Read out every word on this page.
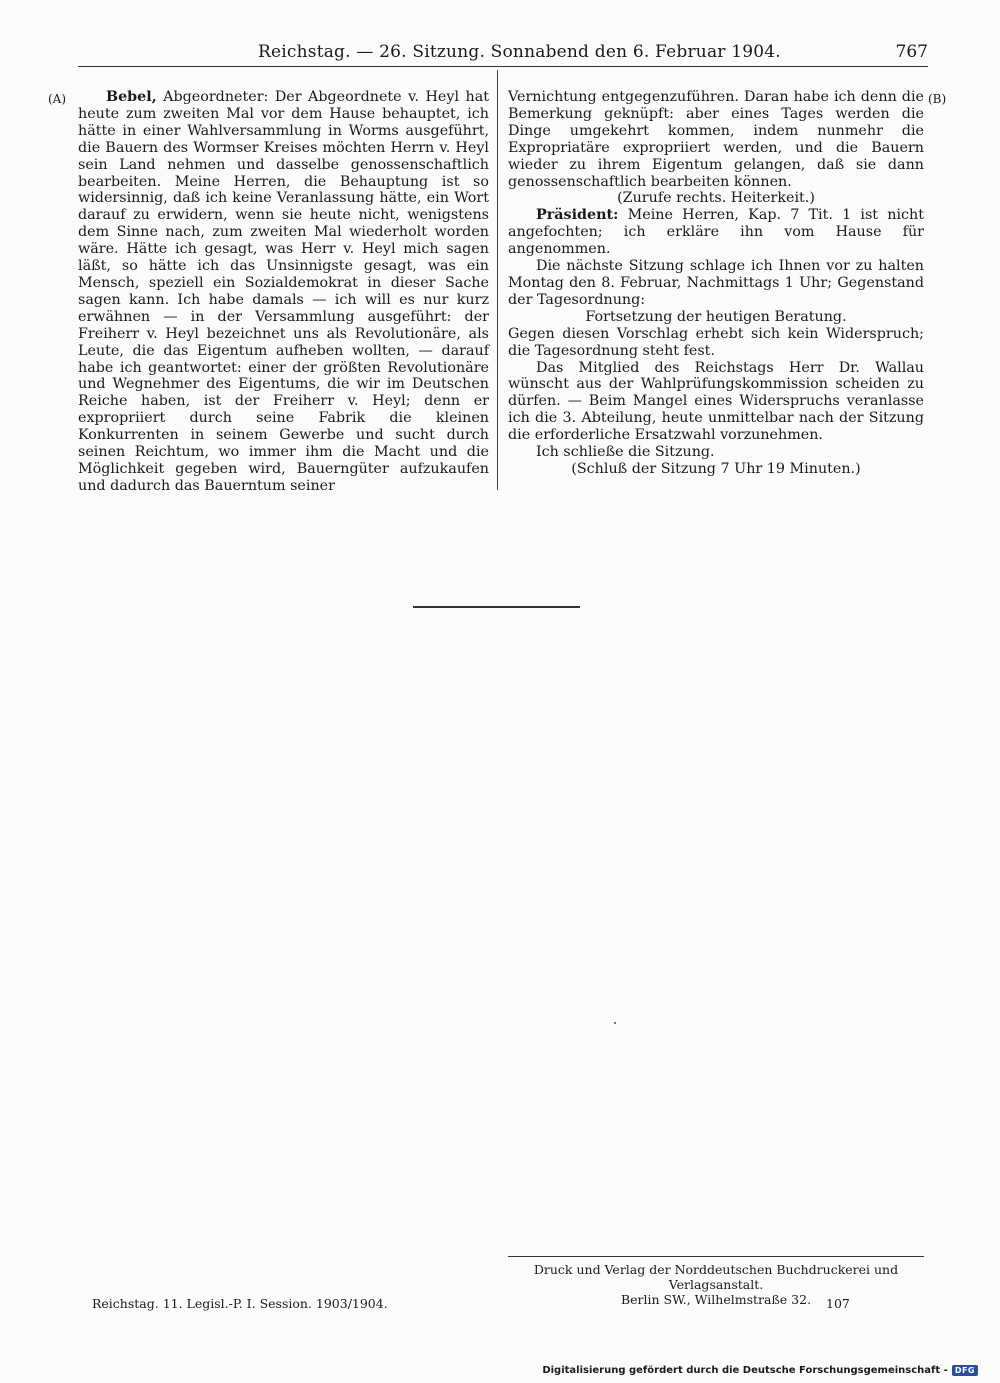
Reichstag. — 26. Sitzung. Sonnabend den 6. Februar 1904.	767
(A)	(B)

Bebel, Abgeordneter: Der Abgeordnete v. Heyl hat heute zum zweiten Mal vor dem Hause behauptet, ich hätte in einer Wahlversammlung in Worms ausgeführt, die Bauern des Wormser Kreises möchten Herrn v. Heyl sein Land nehmen und dasselbe genossenschaftlich bearbeiten. Meine Herren, die Behauptung ist so widersinnig, daß ich keine Veranlassung hätte, ein Wort darauf zu erwidern, wenn sie heute nicht, wenigstens dem Sinne nach, zum zweiten Mal wiederholt worden wäre. Hätte ich gesagt, was Herr v. Heyl mich sagen läßt, so hätte ich das Unsinnigste gesagt, was ein Mensch, speziell ein Sozialdemokrat in dieser Sache sagen kann. Ich habe damals — ich will es nur kurz erwähnen — in der Versammlung ausgeführt: der Freiherr v. Heyl bezeichnet uns als Revolutionäre, als Leute, die das Eigentum aufheben wollten, — darauf habe ich geantwortet: einer der größten Revolutionäre und Wegnehmer des Eigentums, die wir im Deutschen Reiche haben, ist der Freiherr v. Heyl; denn er expropriiert durch seine Fabrik die kleinen Konkurrenten in seinem Gewerbe und sucht durch seinen Reichtum, wo immer ihm die Macht und die Möglichkeit gegeben wird, Bauerngüter aufzukaufen und dadurch das Bauerntum seiner

Vernichtung entgegenzuführen. Daran habe ich denn die Bemerkung geknüpft: aber eines Tages werden die Dinge umgekehrt kommen, indem nunmehr die Expropriatäre expropriiert werden, und die Bauern wieder zu ihrem Eigentum gelangen, daß sie dann genossenschaftlich bearbeiten können.

(Zurufe rechts. Heiterkeit.)

Präsident: Meine Herren, Kap. 7 Tit. 1 ist nicht angefochten; ich erkläre ihn vom Hause für angenommen.

Die nächste Sitzung schlage ich Ihnen vor zu halten Montag den 8. Februar, Nachmittags 1 Uhr; Gegenstand der Tagesordnung:

Fortsetzung der heutigen Beratung.

Gegen diesen Vorschlag erhebt sich kein Widerspruch; die Tagesordnung steht fest.

Das Mitglied des Reichstags Herr Dr. Wallau wünscht aus der Wahlprüfungskommission scheiden zu dürfen. — Beim Mangel eines Widerspruchs veranlasse ich die 3. Abteilung, heute unmittelbar nach der Sitzung die erforderliche Ersatzwahl vorzunehmen.

Ich schließe die Sitzung.

(Schluß der Sitzung 7 Uhr 19 Minuten.)

Druck und Verlag der Norddeutschen Buchdruckerei und Verlagsanstalt.

Berlin SW., Wilhelmstraße 32.

Reichstag. 11. Legisl.-P. I. Session. 1903/1904.	107
Digitalisierung gefördert durch die Deutsche Forschungsgemeinschaft - DFG
